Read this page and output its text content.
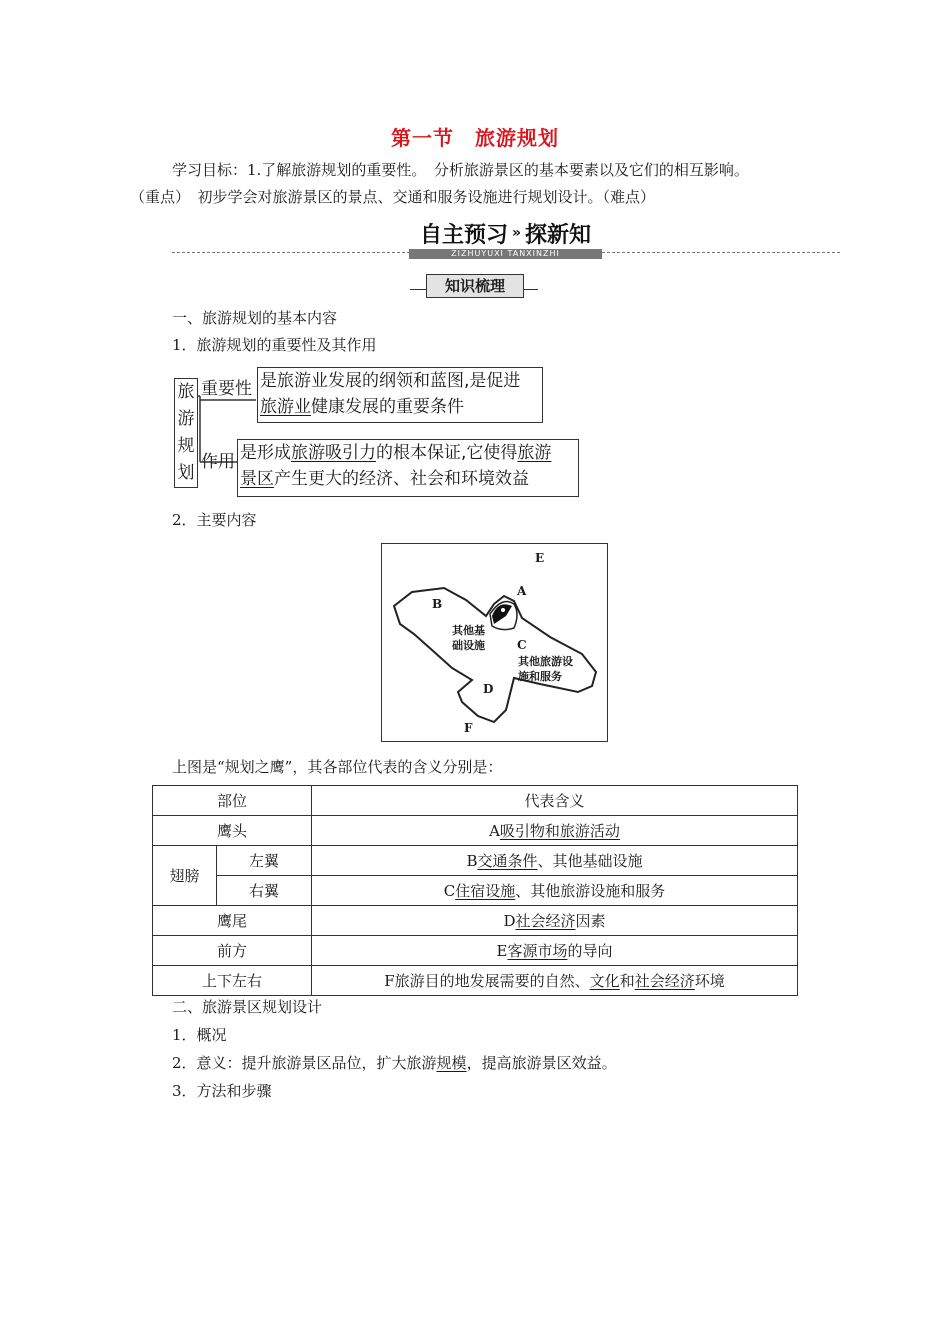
第一节　旅游规划
学习目标：1.了解旅游规划的重要性。　分析旅游景区的基本要素以及它们的相互影响。
（重点）　初步学会对旅游景区的景点、交通和服务设施进行规划设计。（难点）
自主预习 » 探新知
ZIZHUYUXI TANXINZHI
知识梳理
一、旅游规划的基本内容
1．旅游规划的重要性及其作用
旅
游
规
划
重要性 是旅游业发展的纲领和蓝图,是促进
旅游业健康发展的重要条件
作用 是形成旅游吸引力的根本保证,它使得旅游
景区产生更大的经济、社会和环境效益
2．主要内容
E
A
B
其他基
础设施	C
其他旅游设
施和服务
D
F
上图是“规划之鹰”，其各部位代表的含义分别是：
部位		代表含义
鹰头		A吸引物和旅游活动
翅膀	左翼	B交通条件、其他基础设施
	右翼	C住宿设施、其他旅游设施和服务
鹰尾		D社会经济因素
前方		E客源市场的导向
上下左右		F旅游目的地发展需要的自然、文化和社会经济环境
二、旅游景区规划设计
1．概况
2．意义：提升旅游景区品位，扩大旅游规模，提高旅游景区效益。
3．方法和步骤
